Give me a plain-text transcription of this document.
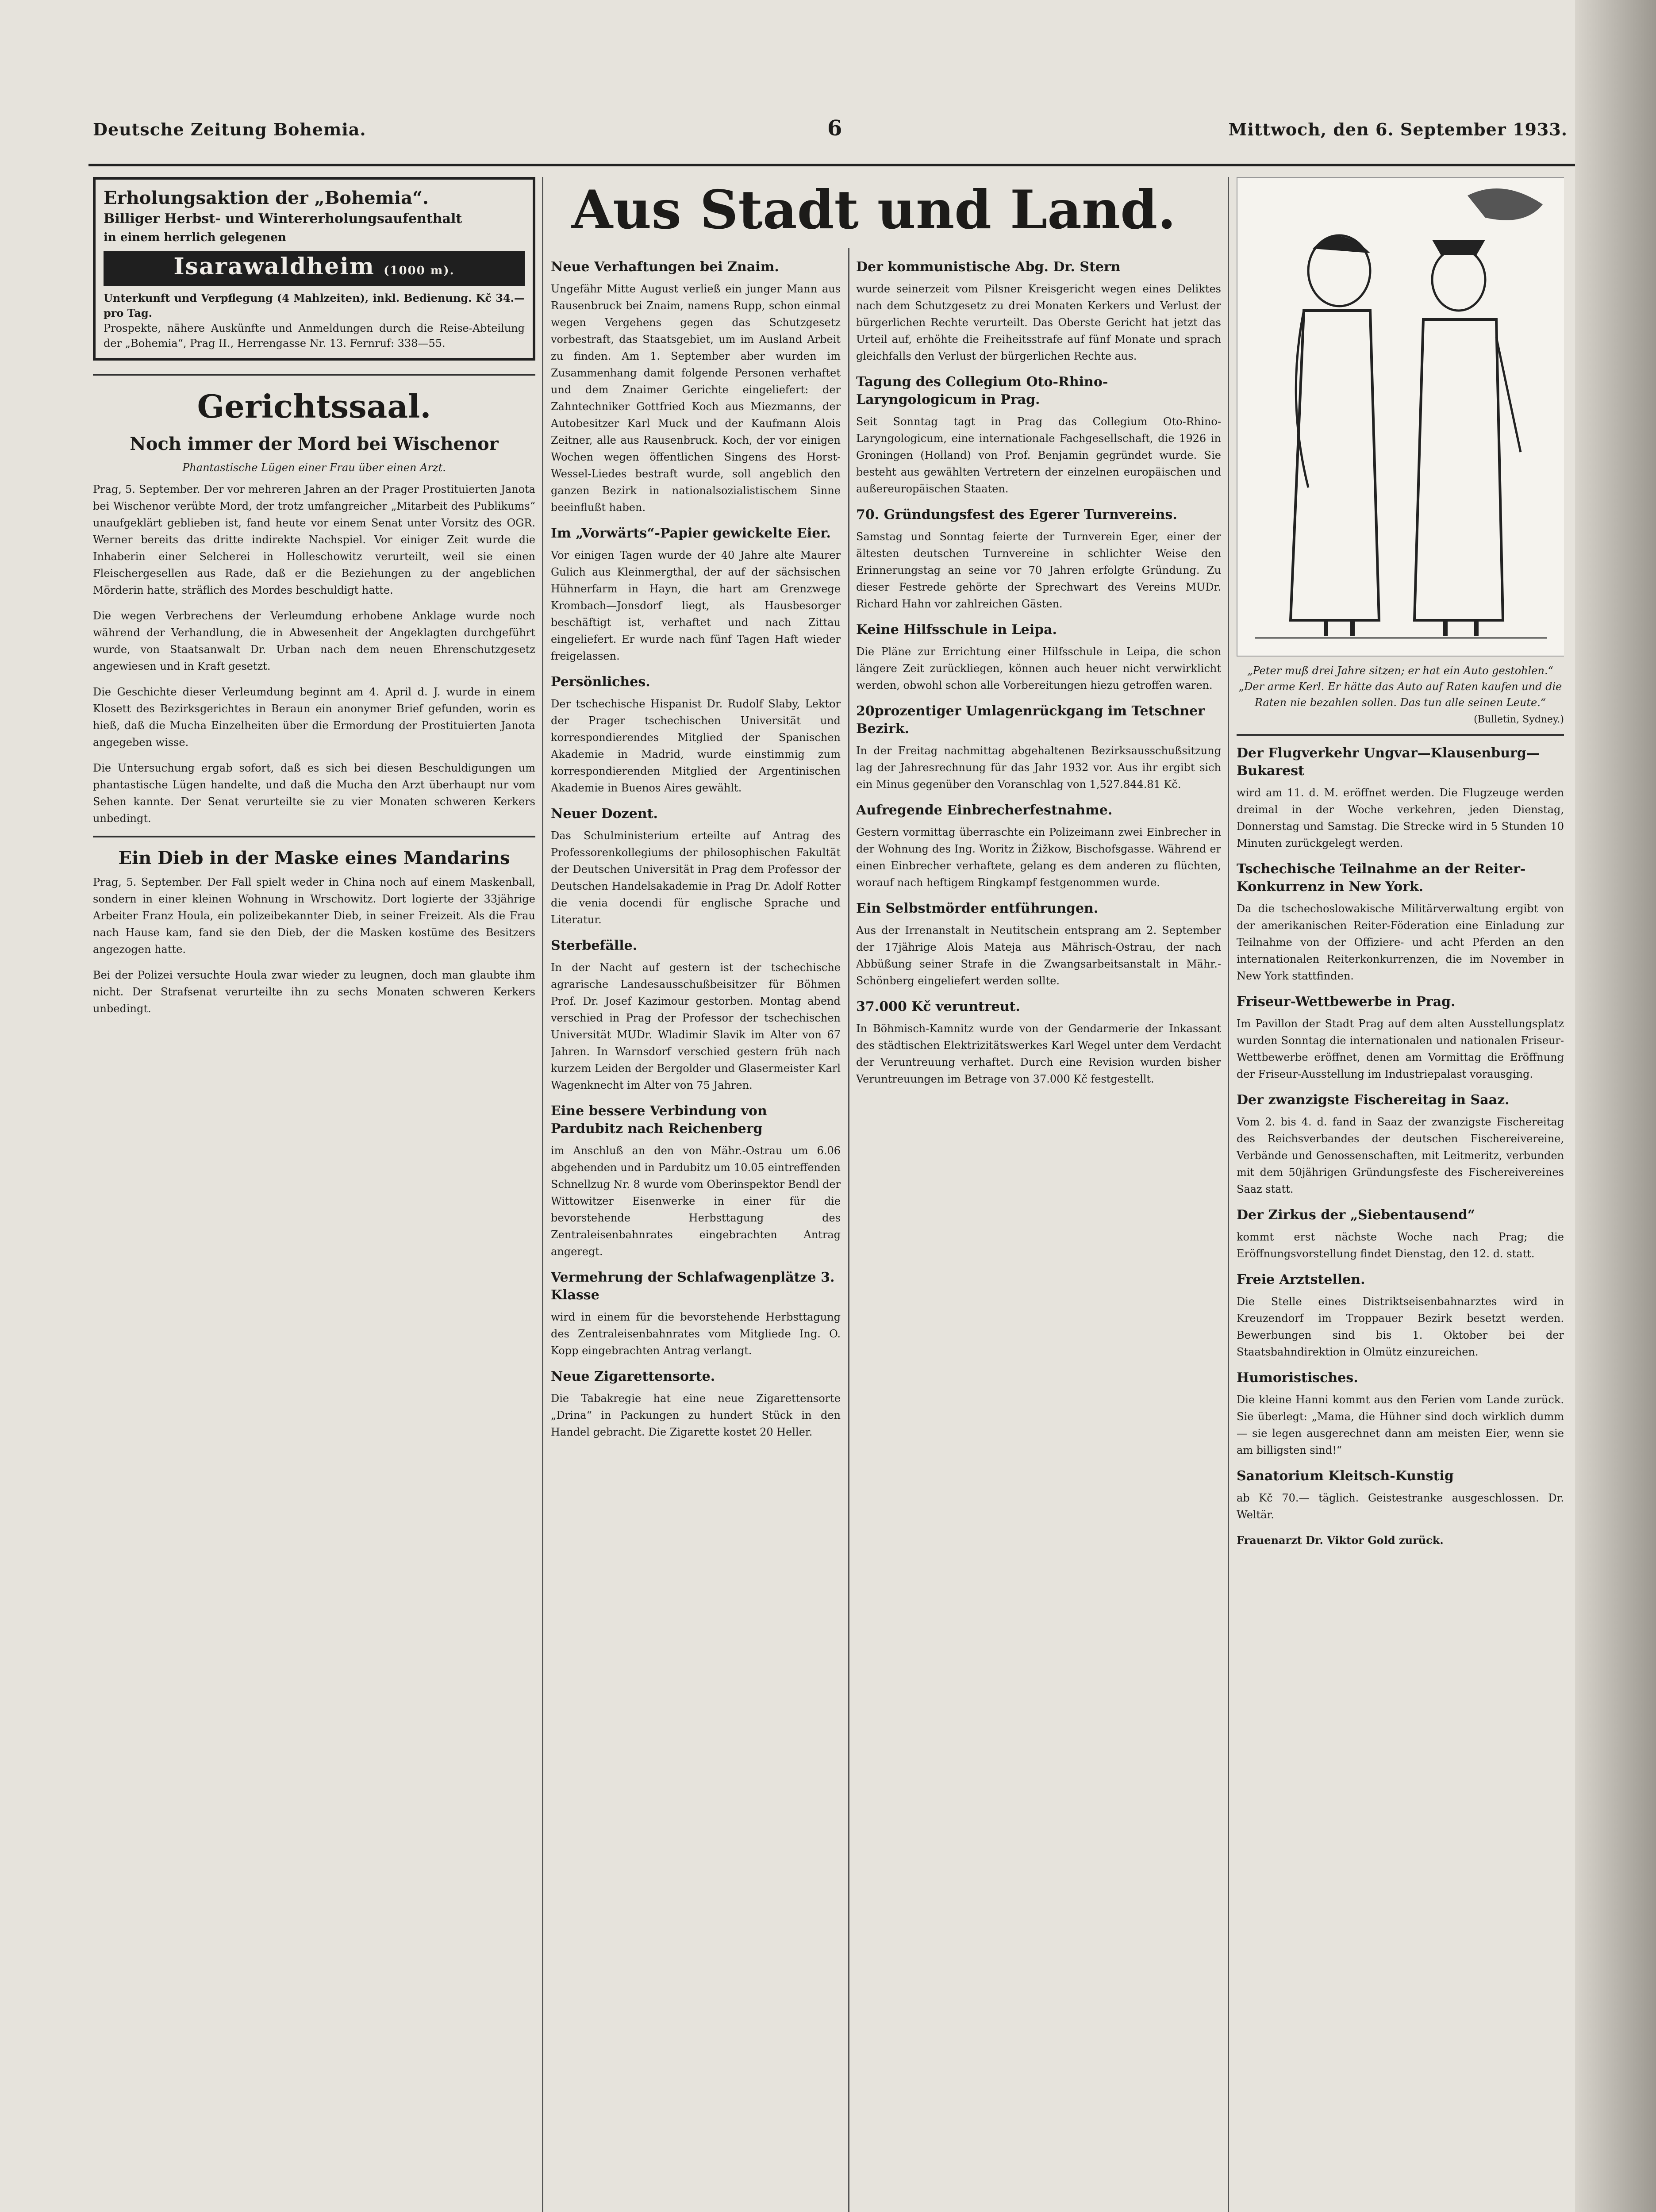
Deutsche Zeitung Bohemia.	6	Mittwoch, den 6. September 1933.

Erholungsaktion der „Bohemia“.

Billiger Herbst- und Wintererholungsaufenthalt

in einem herrlich gelegenen

Isarawaldheim (1000 m).

Unterkunft und Verpflegung (4 Mahlzeiten), inkl. Bedienung. Kč 34.— pro Tag.

Prospekte, nähere Auskünfte und Anmeldungen durch die Reise-Abteilung der „Bohemia“, Prag II., Herrengasse Nr. 13. Fernruf: 338—55.

Gerichtssaal.
Noch immer der Mord bei Wischenor
Phantastische Lügen einer Frau über einen Arzt.

Prag, 5. September. Der vor mehreren Jahren an der Prager Prostituierten Janota bei Wischenor verübte Mord, der trotz umfangreicher „Mitarbeit des Publikums“ unaufgeklärt geblieben ist, fand heute vor einem Senat unter Vorsitz des OGR. Werner bereits das dritte indirekte Nachspiel. Vor einiger Zeit wurde die Inhaberin einer Selcherei in Holleschowitz verurteilt, weil sie einen Fleischergesellen aus Rade, daß er die Beziehungen zu der angeblichen Mörderin hatte, sträflich des Mordes beschuldigt hatte.

Die wegen Verbrechens der Verleumdung erhobene Anklage wurde noch während der Verhandlung, die in Abwesenheit der Angeklagten durchgeführt wurde, von Staatsanwalt Dr. Urban nach dem neuen Ehrenschutzgesetz angewiesen und in Kraft gesetzt.

Die Geschichte dieser Verleumdung beginnt am 4. April d. J. wurde in einem Klosett des Bezirksgerichtes in Beraun ein anonymer Brief gefunden, worin es hieß, daß die Mucha Einzelheiten über die Ermordung der Prostituierten Janota angegeben wisse.

Die Untersuchung ergab sofort, daß es sich bei diesen Beschuldigungen um phantastische Lügen handelte, und daß die Mucha den Arzt überhaupt nur vom Sehen kannte. Der Senat verurteilte sie zu vier Monaten schweren Kerkers unbedingt.

Ein Dieb in der Maske eines Mandarins

Prag, 5. September. Der Fall spielt weder in China noch auf einem Maskenball, sondern in einer kleinen Wohnung in Wrschowitz. Dort logierte der 33jährige Arbeiter Franz Houla, ein polizeibekannter Dieb, in seiner Freizeit. Als die Frau nach Hause kam, fand sie den Dieb, der die Masken kostüme des Besitzers angezogen hatte.

Bei der Polizei versuchte Houla zwar wieder zu leugnen, doch man glaubte ihm nicht. Der Strafsenat verurteilte ihn zu sechs Monaten schweren Kerkers unbedingt.

Aus Stadt und Land.
Neue Verhaftungen bei Znaim.

Ungefähr Mitte August verließ ein junger Mann aus Rausenbruck bei Znaim, namens Rupp, schon einmal wegen Vergehens gegen das Schutzgesetz vorbestraft, das Staatsgebiet, um im Ausland Arbeit zu finden. Am 1. September aber wurden im Zusammenhang damit folgende Personen verhaftet und dem Znaimer Gerichte eingeliefert: der Zahntechniker Gottfried Koch aus Miezmanns, der Autobesitzer Karl Muck und der Kaufmann Alois Zeitner, alle aus Rausenbruck. Koch, der vor einigen Wochen wegen öffentlichen Singens des Horst-Wessel-Liedes bestraft wurde, soll angeblich den ganzen Bezirk in nationalsozialistischem Sinne beeinflußt haben.

Im „Vorwärts“-Papier gewickelte Eier.

Vor einigen Tagen wurde der 40 Jahre alte Maurer Gulich aus Kleinmergthal, der auf der sächsischen Hühnerfarm in Hayn, die hart am Grenzwege Krombach—Jonsdorf liegt, als Hausbesorger beschäftigt ist, verhaftet und nach Zittau eingeliefert. Er wurde nach fünf Tagen Haft wieder freigelassen.

Persönliches.

Der tschechische Hispanist Dr. Rudolf Slaby, Lektor der Prager tschechischen Universität und korrespondierendes Mitglied der Spanischen Akademie in Madrid, wurde einstimmig zum korrespondierenden Mitglied der Argentinischen Akademie in Buenos Aires gewählt.

Neuer Dozent.

Das Schulministerium erteilte auf Antrag des Professorenkollegiums der philosophischen Fakultät der Deutschen Universität in Prag dem Professor der Deutschen Handelsakademie in Prag Dr. Adolf Rotter die venia docendi für englische Sprache und Literatur.

Sterbefälle.

In der Nacht auf gestern ist der tschechische agrarische Landesausschußbeisitzer für Böhmen Prof. Dr. Josef Kazimour gestorben. Montag abend verschied in Prag der Professor der tschechischen Universität MUDr. Wladimir Slavik im Alter von 67 Jahren. In Warnsdorf verschied gestern früh nach kurzem Leiden der Bergolder und Glasermeister Karl Wagenknecht im Alter von 75 Jahren.

Eine bessere Verbindung von Pardubitz nach Reichenberg

im Anschluß an den von Mähr.-Ostrau um 6.06 abgehenden und in Pardubitz um 10.05 eintreffenden Schnellzug Nr. 8 wurde vom Oberinspektor Bendl der Wittowitzer Eisenwerke in einer für die bevorstehende Herbsttagung des Zentraleisenbahnrates eingebrachten Antrag angeregt.

Vermehrung der Schlafwagenplätze 3. Klasse

wird in einem für die bevorstehende Herbsttagung des Zentraleisenbahnrates vom Mitgliede Ing. O. Kopp eingebrachten Antrag verlangt.

Neue Zigarettensorte.

Die Tabakregie hat eine neue Zigarettensorte „Drina“ in Packungen zu hundert Stück in den Handel gebracht. Die Zigarette kostet 20 Heller.

Der kommunistische Abg. Dr. Stern

wurde seinerzeit vom Pilsner Kreisgericht wegen eines Deliktes nach dem Schutzgesetz zu drei Monaten Kerkers und Verlust der bürgerlichen Rechte verurteilt. Das Oberste Gericht hat jetzt das Urteil auf, erhöhte die Freiheitsstrafe auf fünf Monate und sprach gleichfalls den Verlust der bürgerlichen Rechte aus.

Tagung des Collegium Oto-Rhino-Laryngologicum in Prag.

Seit Sonntag tagt in Prag das Collegium Oto-Rhino-Laryngologicum, eine internationale Fachgesellschaft, die 1926 in Groningen (Holland) von Prof. Benjamin gegründet wurde. Sie besteht aus gewählten Vertretern der einzelnen europäischen und außereuropäischen Staaten.

70. Gründungsfest des Egerer Turnvereins.

Samstag und Sonntag feierte der Turnverein Eger, einer der ältesten deutschen Turnvereine in schlichter Weise den Erinnerungstag an seine vor 70 Jahren erfolgte Gründung. Zu dieser Festrede gehörte der Sprechwart des Vereins MUDr. Richard Hahn vor zahlreichen Gästen.

Keine Hilfsschule in Leipa.

Die Pläne zur Errichtung einer Hilfsschule in Leipa, die schon längere Zeit zurückliegen, können auch heuer nicht verwirklicht werden, obwohl schon alle Vorbereitungen hiezu getroffen waren.

20prozentiger Umlagenrückgang im Tetschner Bezirk.

In der Freitag nachmittag abgehaltenen Bezirksausschußsitzung lag der Jahresrechnung für das Jahr 1932 vor. Aus ihr ergibt sich ein Minus gegenüber den Voranschlag von 1,527.844.81 Kč.

Aufregende Einbrecherfestnahme.

Gestern vormittag überraschte ein Polizeimann zwei Einbrecher in der Wohnung des Ing. Woritz in Žižkow, Bischofsgasse. Während er einen Einbrecher verhaftete, gelang es dem anderen zu flüchten, worauf nach heftigem Ringkampf festgenommen wurde.

Ein Selbstmörder entführungen.

Aus der Irrenanstalt in Neutitschein entsprang am 2. September der 17jährige Alois Mateja aus Mährisch-Ostrau, der nach Abbüßung seiner Strafe in die Zwangsarbeitsanstalt in Mähr.-Schönberg eingeliefert werden sollte.

37.000 Kč veruntreut.

In Böhmisch-Kamnitz wurde von der Gendarmerie der Inkassant des städtischen Elektrizitätswerkes Karl Wegel unter dem Verdacht der Veruntreuung verhaftet. Durch eine Revision wurden bisher Veruntreuungen im Betrage von 37.000 Kč festgestellt.

„Peter muß drei Jahre sitzen; er hat ein Auto gestohlen.“ „Der arme Kerl. Er hätte das Auto auf Raten kaufen und die Raten nie bezahlen sollen. Das tun alle seinen Leute.“
(Bulletin, Sydney.)
Der Flugverkehr Ungvar—Klausenburg—Bukarest

wird am 11. d. M. eröffnet werden. Die Flugzeuge werden dreimal in der Woche verkehren, jeden Dienstag, Donnerstag und Samstag. Die Strecke wird in 5 Stunden 10 Minuten zurückgelegt werden.

Tschechische Teilnahme an der Reiter-Konkurrenz in New York.

Da die tschechoslowakische Militärverwaltung ergibt von der amerikanischen Reiter-Föderation eine Einladung zur Teilnahme von der Offiziere- und acht Pferden an den internationalen Reiterkonkurrenzen, die im November in New York stattfinden.

Friseur-Wettbewerbe in Prag.

Im Pavillon der Stadt Prag auf dem alten Ausstellungsplatz wurden Sonntag die internationalen und nationalen Friseur-Wettbewerbe eröffnet, denen am Vormittag die Eröffnung der Friseur-Ausstellung im Industriepalast vorausging.

Der zwanzigste Fischereitag in Saaz.

Vom 2. bis 4. d. fand in Saaz der zwanzigste Fischereitag des Reichsverbandes der deutschen Fischereivereine, Verbände und Genossenschaften, mit Leitmeritz, verbunden mit dem 50jährigen Gründungsfeste des Fischereivereines Saaz statt.

Der Zirkus der „Siebentausend“

kommt erst nächste Woche nach Prag; die Eröffnungsvorstellung findet Dienstag, den 12. d. statt.

Freie Arztstellen.

Die Stelle eines Distriktseisenbahnarztes wird in Kreuzendorf im Troppauer Bezirk besetzt werden. Bewerbungen sind bis 1. Oktober bei der Staatsbahndirektion in Olmütz einzureichen.

Humoristisches.

Die kleine Hanni kommt aus den Ferien vom Lande zurück. Sie überlegt: „Mama, die Hühner sind doch wirklich dumm — sie legen ausgerechnet dann am meisten Eier, wenn sie am billigsten sind!“

Sanatorium Kleitsch-Kunstig

ab Kč 70.— täglich. Geistestranke ausgeschlossen. Dr. Weltär.

Frauenarzt Dr. Viktor Gold zurück.
